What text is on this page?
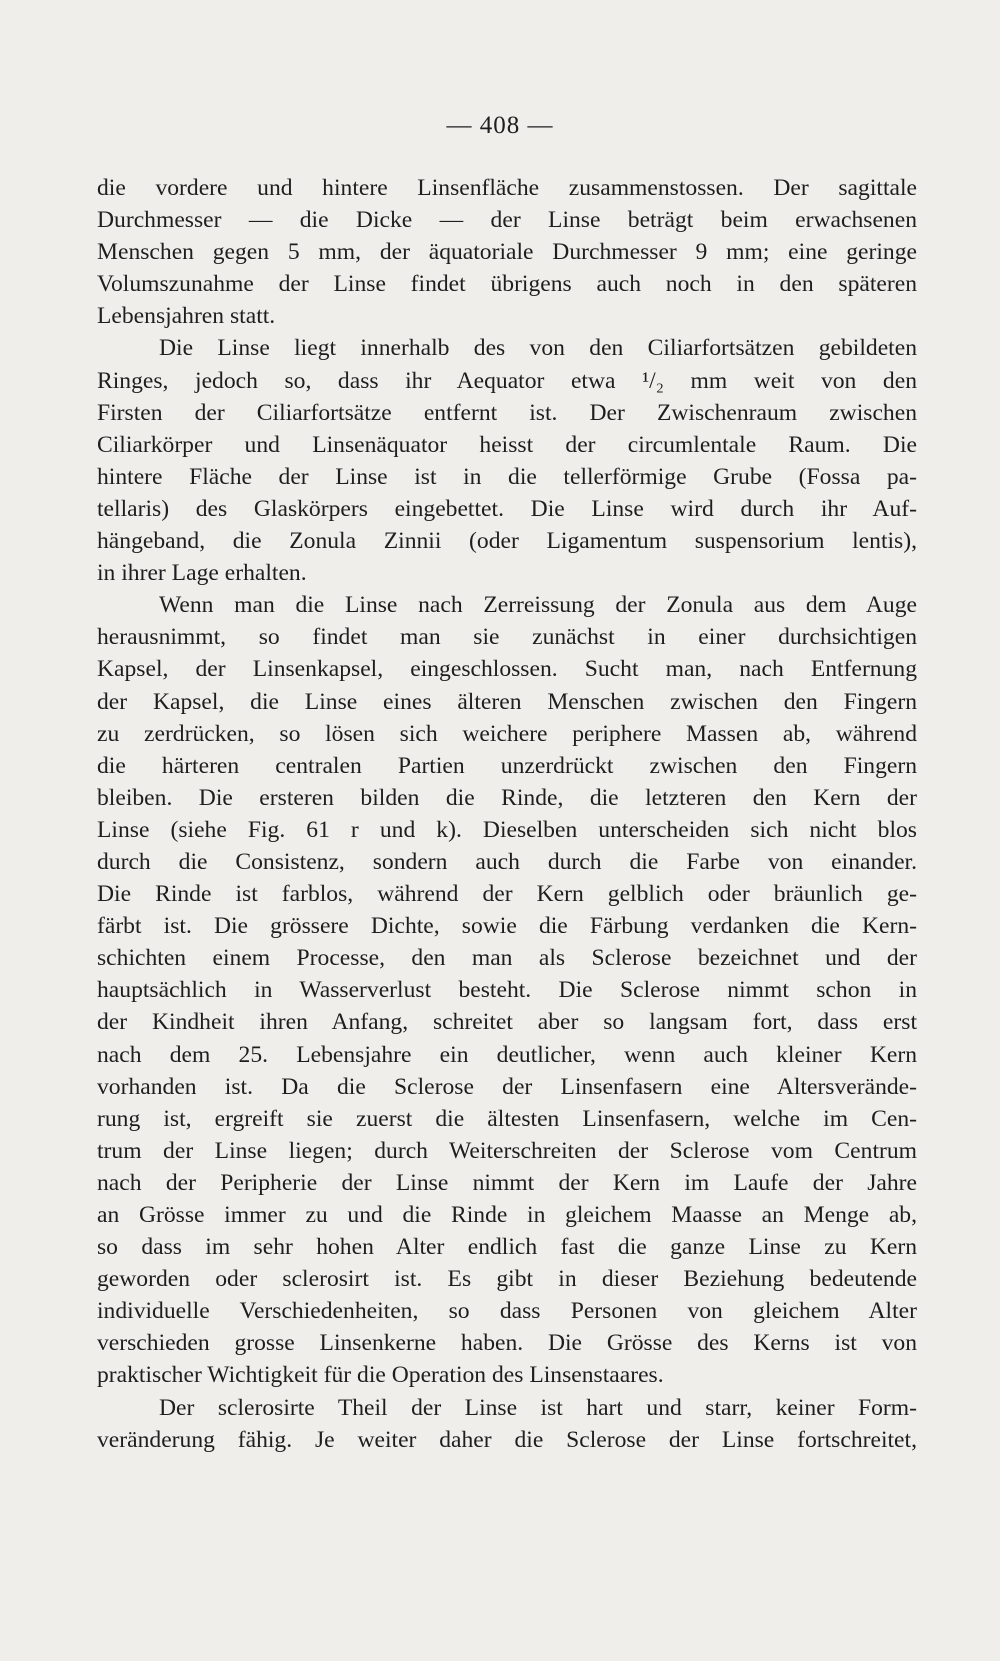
— 408 —
die vordere und hintere Linsenfläche zusammenstossen. Der sagittale
Durchmesser — die Dicke — der Linse beträgt beim erwachsenen
Menschen gegen 5 mm, der äquatoriale Durchmesser 9 mm; eine geringe
Volumszunahme der Linse findet übrigens auch noch in den späteren
Lebensjahren statt.
Die Linse liegt innerhalb des von den Ciliarfortsätzen gebildeten
Ringes, jedoch so, dass ihr Aequator etwa ¹/₂ mm weit von den
Firsten der Ciliarfortsätze entfernt ist. Der Zwischenraum zwischen
Ciliarkörper und Linsenäquator heisst der circumlentale Raum. Die
hintere Fläche der Linse ist in die tellerförmige Grube (Fossa pa-
tellaris) des Glaskörpers eingebettet. Die Linse wird durch ihr Auf-
hängeband, die Zonula Zinnii (oder Ligamentum suspensorium lentis),
in ihrer Lage erhalten.
Wenn man die Linse nach Zerreissung der Zonula aus dem Auge
herausnimmt, so findet man sie zunächst in einer durchsichtigen
Kapsel, der Linsenkapsel, eingeschlossen. Sucht man, nach Entfernung
der Kapsel, die Linse eines älteren Menschen zwischen den Fingern
zu zerdrücken, so lösen sich weichere periphere Massen ab, während
die härteren centralen Partien unzerdrückt zwischen den Fingern
bleiben. Die ersteren bilden die Rinde, die letzteren den Kern der
Linse (siehe Fig. 61 r und k). Dieselben unterscheiden sich nicht blos
durch die Consistenz, sondern auch durch die Farbe von einander.
Die Rinde ist farblos, während der Kern gelblich oder bräunlich ge-
färbt ist. Die grössere Dichte, sowie die Färbung verdanken die Kern-
schichten einem Processe, den man als Sclerose bezeichnet und der
hauptsächlich in Wasserverlust besteht. Die Sclerose nimmt schon in
der Kindheit ihren Anfang, schreitet aber so langsam fort, dass erst
nach dem 25. Lebensjahre ein deutlicher, wenn auch kleiner Kern
vorhanden ist. Da die Sclerose der Linsenfasern eine Altersverände-
rung ist, ergreift sie zuerst die ältesten Linsenfasern, welche im Cen-
trum der Linse liegen; durch Weiterschreiten der Sclerose vom Centrum
nach der Peripherie der Linse nimmt der Kern im Laufe der Jahre
an Grösse immer zu und die Rinde in gleichem Maasse an Menge ab,
so dass im sehr hohen Alter endlich fast die ganze Linse zu Kern
geworden oder sclerosirt ist. Es gibt in dieser Beziehung bedeutende
individuelle Verschiedenheiten, so dass Personen von gleichem Alter
verschieden grosse Linsenkerne haben. Die Grösse des Kerns ist von
praktischer Wichtigkeit für die Operation des Linsenstaares.
Der sclerosirte Theil der Linse ist hart und starr, keiner Form-
veränderung fähig. Je weiter daher die Sclerose der Linse fortschreitet,
